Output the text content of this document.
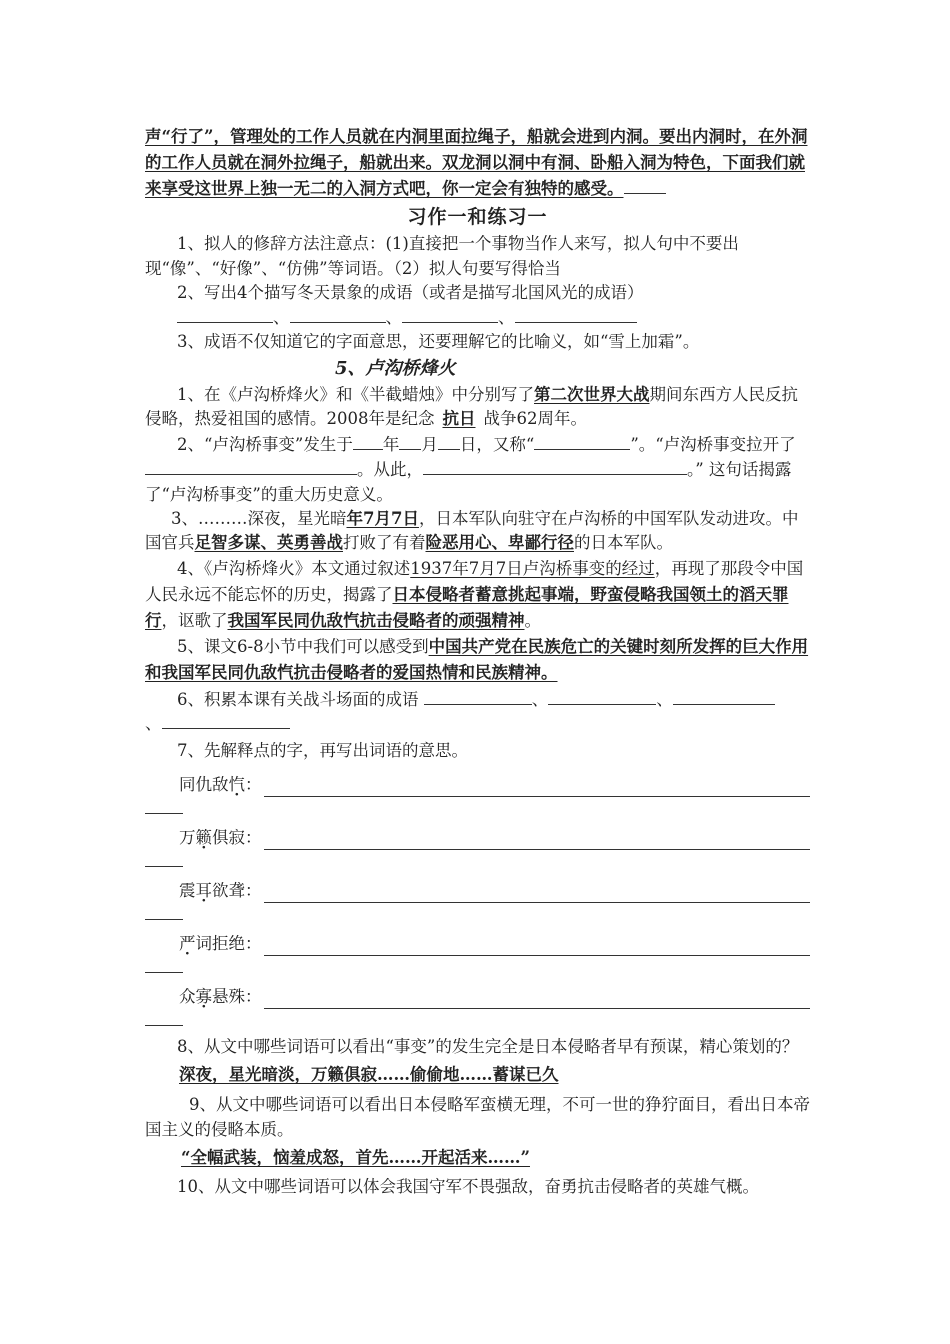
声“行了”，管理处的工作人员就在内洞里面拉绳子，船就会进到内洞。要出内洞时，在外洞的工作人员就在洞外拉绳子，船就出来。双龙洞以洞中有洞、卧船入洞为特色，下面我们就来享受这世界上独一无二的入洞方式吧，你一定会有独特的感受。

习作一和练习一

1、拟人的修辞方法注意点：(1)直接把一个事物当作人来写，拟人句中不要出现“像”、“好像”、“仿佛”等词语。（2）拟人句要写得恰当

2、写出4个描写冬天景象的成语（或者是描写北国风光的成语）

、	、	、

3、成语不仅知道它的字面意思，还要理解它的比喻义，如“雪上加霜”。

5、卢沟桥烽火

1、在《卢沟桥烽火》和《半截蜡烛》中分别写了第二次世界大战期间东西方人民反抗侵略，热爱祖国的感情。2008年是纪念 抗日 战争62周年。

2、“卢沟桥事变”发生于 年 月 日，又称“	”。“卢沟桥事变拉开了。从此，	。” 这句话揭露了“卢沟桥事变”的重大历史意义。

3、………深夜，星光暗年7月7日，日本军队向驻守在卢沟桥的中国军队发动进攻。中国官兵足智多谋、英勇善战打败了有着险恶用心、卑鄙行径的日本军队。

4、《卢沟桥烽火》本文通过叙述1937年7月7日卢沟桥事变的经过，再现了那段令中国人民永远不能忘怀的历史，揭露了日本侵略者蓄意挑起事端，野蛮侵略我国领土的滔天罪行，讴歌了我国军民同仇敌忾抗击侵略者的顽强精神。

5、课文6-8小节中我们可以感受到中国共产党在民族危亡的关键时刻所发挥的巨大作用和我国军民同仇敌忾抗击侵略者的爱国热情和民族精神。

6、积累本课有关战斗场面的成语	、	、

、

7、先解释点的字，再写出词语的意思。

同仇敌忾：
万籁俱寂：
震耳欲聋：
严词拒绝：
众寡悬殊：

8、从文中哪些词语可以看出“事变”的发生完全是日本侵略者早有预谋，精心策划的？

深夜，星光暗淡，万籁俱寂……偷偷地……蓄谋已久

9、从文中哪些词语可以看出日本侵略军蛮横无理，不可一世的狰狞面目，看出日本帝国主义的侵略本质。

“全幅武装，恼羞成怒，首先……开起活来……”

10、从文中哪些词语可以体会我国守军不畏强敌，奋勇抗击侵略者的英雄气概。
